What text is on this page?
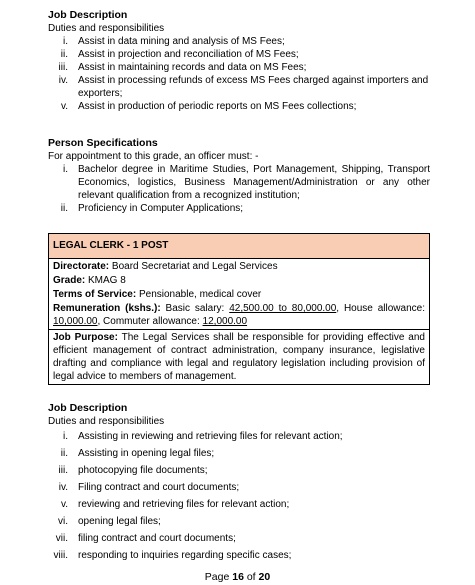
Job Description
Duties and responsibilities
i. Assist in data mining and analysis of MS Fees;
ii. Assist in projection and reconciliation of MS Fees;
iii. Assist in maintaining records and data on MS Fees;
iv. Assist in processing refunds of excess MS Fees charged against importers and exporters;
v. Assist in production of periodic reports on MS Fees collections;
Person Specifications
For appointment to this grade, an officer must: -
i. Bachelor degree in Maritime Studies, Port Management, Shipping, Transport Economics, logistics, Business Management/Administration or any other relevant qualification from a recognized institution;
ii. Proficiency in Computer Applications;
LEGAL CLERK - 1 POST
Directorate: Board Secretariat and Legal Services
Grade: KMAG 8
Terms of Service: Pensionable, medical cover
Remuneration (kshs.): Basic salary: 42,500.00 to 80,000.00, House allowance: 10,000.00, Commuter allowance: 12,000.00
Job Purpose: The Legal Services shall be responsible for providing effective and efficient management of contract administration, company insurance, legislative drafting and compliance with legal and regulatory legislation including provision of legal advice to members of management.
Job Description
Duties and responsibilities
i. Assisting in reviewing and retrieving files for relevant action;
ii. Assisting in opening legal files;
iii. photocopying file documents;
iv. Filing contract and court documents;
v. reviewing and retrieving files for relevant action;
vi. opening legal files;
vii. filing contract and court documents;
viii. responding to inquiries regarding specific cases;
Page 16 of 20
